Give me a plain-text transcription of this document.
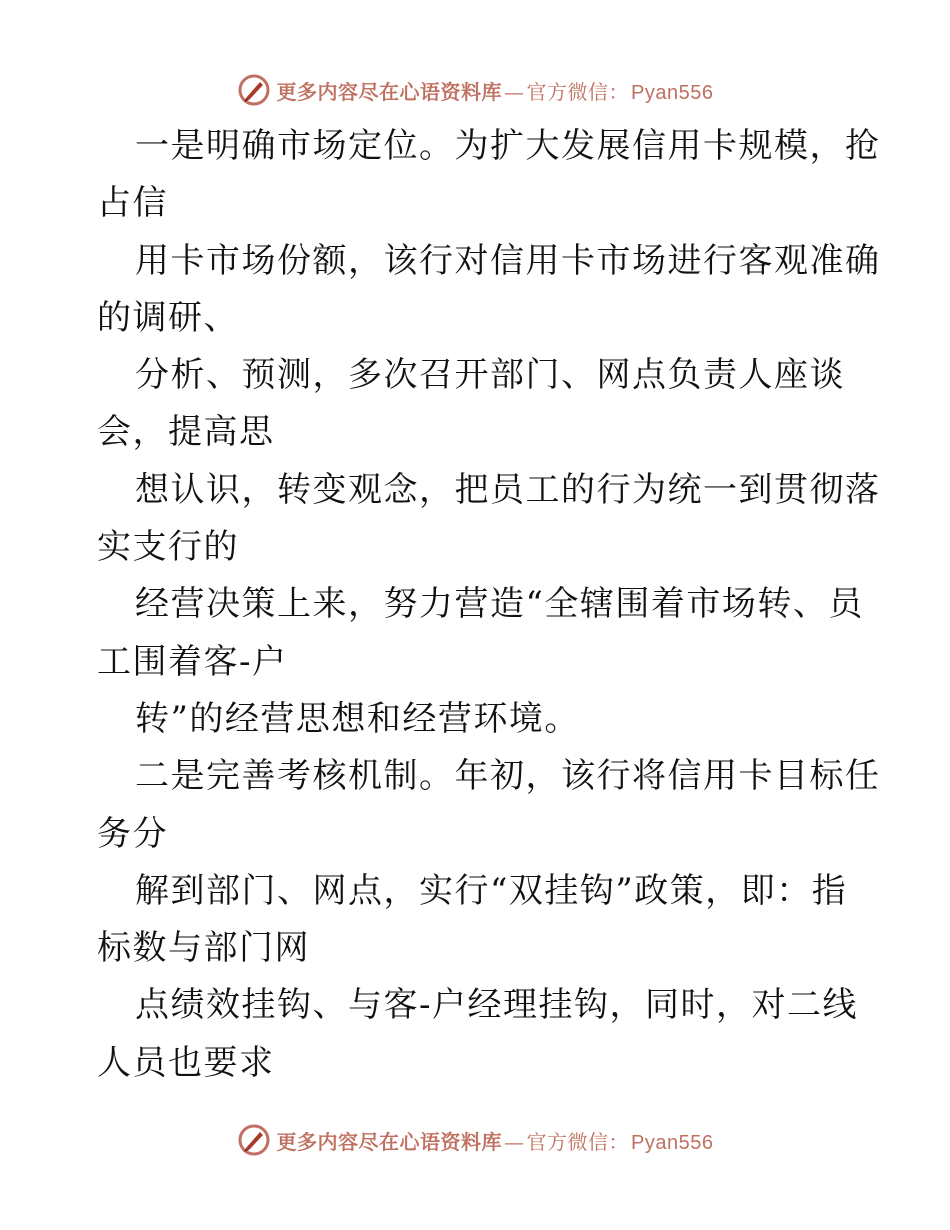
更多内容尽在心语资料库 — 官方微信： Pyan556
一是明确市场定位。为扩大发展信用卡规模，抢
占信
用卡市场份额，该行对信用卡市场进行客观准确
的调研、
分析、预测，多次召开部门、网点负责人座谈
会，提高思
想认识，转变观念，把员工的行为统一到贯彻落
实支行的
经营决策上来，努力营造“全辖围着市场转、员
工围着客-户
转”的经营思想和经营环境。
二是完善考核机制。年初，该行将信用卡目标任
务分
解到部门、网点，实行“双挂钩”政策，即：指
标数与部门网
点绩效挂钩、与客-户经理挂钩，同时，对二线
人员也要求
更多内容尽在心语资料库 — 官方微信： Pyan556
